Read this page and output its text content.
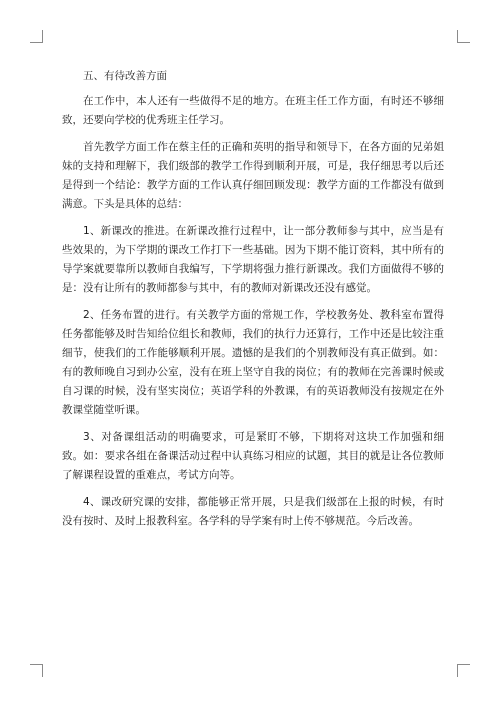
五、有待改善方面

在工作中，本人还有一些做得不足的地方。在班主任工作方面，有时还不够细致，还要向学校的优秀班主任学习。

首先教学方面工作在蔡主任的正确和英明的指导和领导下，在各方面的兄弟姐妹的支持和理解下，我们级部的教学工作得到顺利开展，可是，我仔细思考以后还是得到一个结论：教学方面的工作认真仔细回顾发现：教学方面的工作都没有做到满意。下头是具体的总结：

1、新课改的推进。在新课改推行过程中，让一部分教师参与其中，应当是有些效果的，为下学期的课改工作打下一些基础。因为下期不能订资料，其中所有的导学案就要靠所以教师自我编写，下学期将强力推行新课改。我们方面做得不够的是：没有让所有的教师都参与其中，有的教师对新课改还没有感觉。

2、任务布置的进行。有关教学方面的常规工作，学校教务处、教科室布置得任务都能够及时告知给位组长和教师，我们的执行力还算行，工作中还是比较注重细节，使我们的工作能够顺利开展。遗憾的是我们的个别教师没有真正做到。如：有的教师晚自习到办公室，没有在班上坚守自我的岗位；有的教师在完善课时候或自习课的时候，没有坚实岗位；英语学科的外教课，有的英语教师没有按规定在外教课堂随堂听课。

3、对备课组活动的明确要求，可是紧盯不够，下期将对这块工作加强和细致。如：要求各组在备课活动过程中认真练习相应的试题，其目的就是让各位教师了解课程设置的重难点，考试方向等。

4、课改研究课的安排，都能够正常开展，只是我们级部在上报的时候，有时没有按时、及时上报教科室。各学科的导学案有时上传不够规范。今后改善。
